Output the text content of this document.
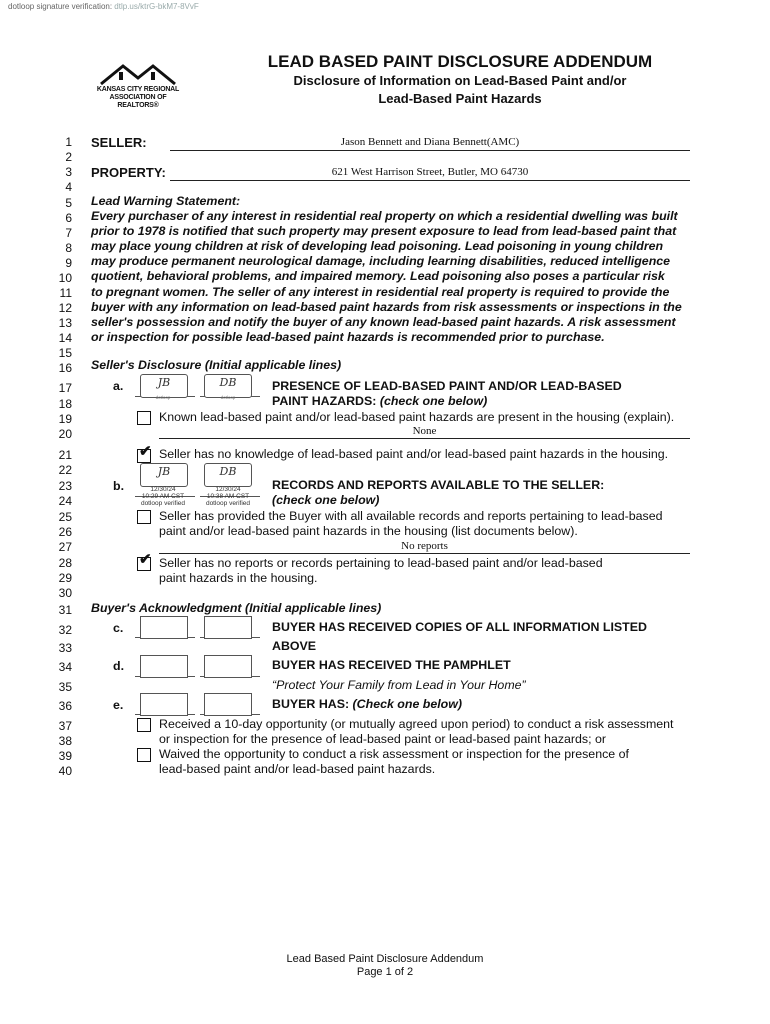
dotloop signature verification: dtlp.us/ktrG-bkM7-8VvF
KANSAS CITY REGIONAL
ASSOCIATION OF REALTORS®
LEAD BASED PAINT DISCLOSURE ADDENDUM
Disclosure of Information on Lead-Based Paint and/or
Lead-Based Paint Hazards
1
2
3
4
5
6
7
8
9
10
11
12
13
14
15
16
17
18
19
20
21
22
23
24
25
26
27
28
29
30
31
32
33
34
35
36
37
38
39
40
SELLER:	Jason Bennett and Diana Bennett(AMC)
PROPERTY:	621 West Harrison Street, Butler, MO 64730
Lead Warning Statement:
Every purchaser of any interest in residential real property on which a residential dwelling was built
prior to 1978 is notified that such property may present exposure to lead from lead-based paint that
may place young children at risk of developing lead poisoning. Lead poisoning in young children
may produce permanent neurological damage, including learning disabilities, reduced intelligence
quotient, behavioral problems, and impaired memory. Lead poisoning also poses a particular risk
to pregnant women. The seller of any interest in residential real property is required to provide the
buyer with any information on lead-based paint hazards from risk assessments or inspections in the
seller's possession and notify the buyer of any known lead-based paint hazards. A risk assessment
or inspection for possible lead-based paint hazards is recommended prior to purchase.
Seller's Disclosure (Initial applicable lines)
a.	JB
dotloop
DB
dotloop
PRESENCE OF LEAD-BASED PAINT AND/OR LEAD-BASED
PAINT HAZARDS: (check one below)
Known lead-based paint and/or lead-based paint hazards are present in the housing (explain).
None
✔ Seller has no knowledge of lead-based paint and/or lead-based paint hazards in the housing.
b.
JB
12/30/24
10:29 AM CST
dotloop verified
DB
12/30/24
10:38 AM CST
dotloop verified
RECORDS AND REPORTS AVAILABLE TO THE SELLER:
(check one below)
Seller has provided the Buyer with all available records and reports pertaining to lead-based
paint and/or lead-based paint hazards in the housing (list documents below).
No reports
✔ Seller has no reports or records pertaining to lead-based paint and/or lead-based
paint hazards in the housing.
Buyer's Acknowledgment (Initial applicable lines)
c.	BUYER HAS RECEIVED COPIES OF ALL INFORMATION LISTED
ABOVE
d.	BUYER HAS RECEIVED THE PAMPHLET
“Protect Your Family from Lead in Your Home”
e.	BUYER HAS: (Check one below)
Received a 10-day opportunity (or mutually agreed upon period) to conduct a risk assessment
or inspection for the presence of lead-based paint or lead-based paint hazards; or
Waived the opportunity to conduct a risk assessment or inspection for the presence of
lead-based paint and/or lead-based paint hazards.
Lead Based Paint Disclosure Addendum
Page 1 of 2
